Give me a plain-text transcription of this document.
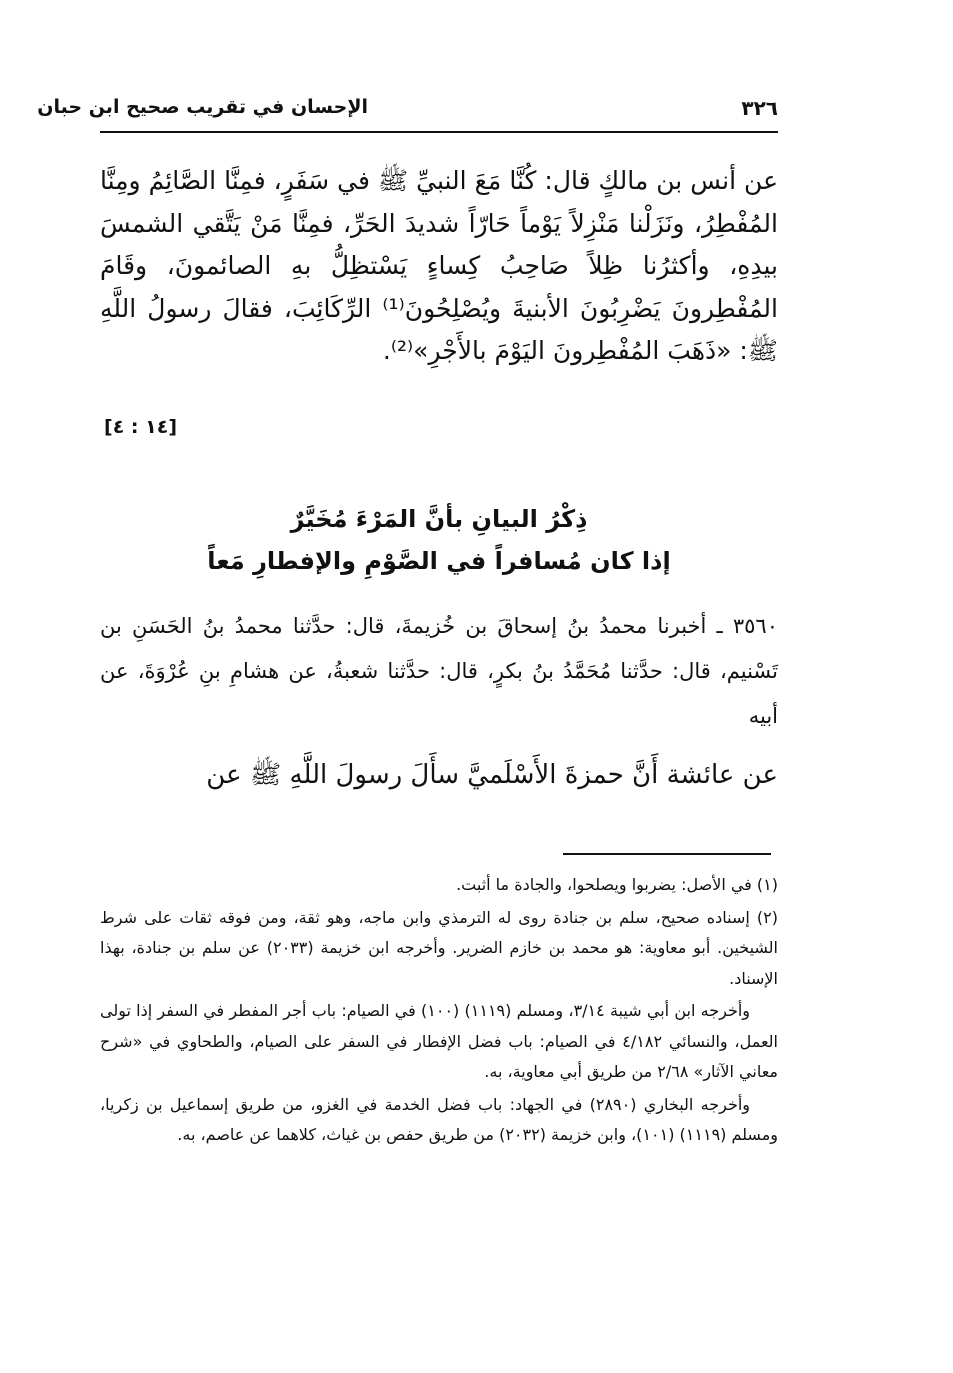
٣٢٦
الإحسان في تقريب صحيح ابن حبان
عن أنس بن مالكٍ قال: كُنَّا مَعَ النبيِّ ﷺ في سَفَرٍ، فمِنَّا الصَّائِمُ ومِنَّا المُفْطِرُ، ونَزَلْنا مَنْزِلاً يَوْماً حَارّاً شديدَ الحَرِّ، فمِنَّا مَنْ يَتَّقي الشمسَ بيدِهِ، وأكثرُنا ظِلاً صَاحِبُ كِساءٍ يَسْتظِلُّ بهِ الصائمونَ، وقَامَ المُفْطِرونَ يَضْرِبُونَ الأبنيةَ ويُصْلِحُونَ⁽¹⁾ الرِّكَائِبَ، فقالَ رسولُ اللَّهِ ﷺ: «ذَهَبَ المُفْطِرونَ اليَوْمَ بالأَجْرِ»⁽²⁾.
[١٤ : ٤]
ذِكْرُ البيانِ بأنَّ المَرْءَ مُخَيَّرٌ
إذا كان مُسافراً في الصَّوْمِ والإفطارِ مَعاً
٣٥٦٠ ـ أخبرنا محمدُ بنُ إسحاقَ بن خُزيمةَ، قال: حدَّثنا محمدُ بنُ الحَسَنِ بن تَسْنيم، قال: حدَّثنا مُحَمَّدُ بنُ بكرٍ، قال: حدَّثنا شعبةُ، عن هشامِ بنِ عُرْوَةَ، عن أبيه
عن عائشة أَنَّ حمزةَ الأَسْلَميَّ سأَلَ رسولَ اللَّهِ ﷺ عن

(١) في الأصل: يضربوا ويصلحوا، والجادة ما أثبت.

(٢) إسناده صحيح، سلم بن جنادة روى له الترمذي وابن ماجه، وهو ثقة، ومن فوقه ثقات على شرط الشيخين. أبو معاوية: هو محمد بن خازم الضرير. وأخرجه ابن خزيمة (٢٠٣٣) عن سلم بن جنادة، بهذا الإسناد.

وأخرجه ابن أبي شيبة ٣/١٤، ومسلم (١١١٩) (١٠٠) في الصيام: باب أجر المفطر في السفر إذا تولى العمل، والنسائي ٤/١٨٢ في الصيام: باب فضل الإفطار في السفر على الصيام، والطحاوي في «شرح معاني الآثار» ٢/٦٨ من طريق أبي معاوية، به.

وأخرجه البخاري (٢٨٩٠) في الجهاد: باب فضل الخدمة في الغزو، من طريق إسماعيل بن زكريا، ومسلم (١١١٩) (١٠١)، وابن خزيمة (٢٠٣٢) من طريق حفص بن غياث، كلاهما عن عاصم، به.
